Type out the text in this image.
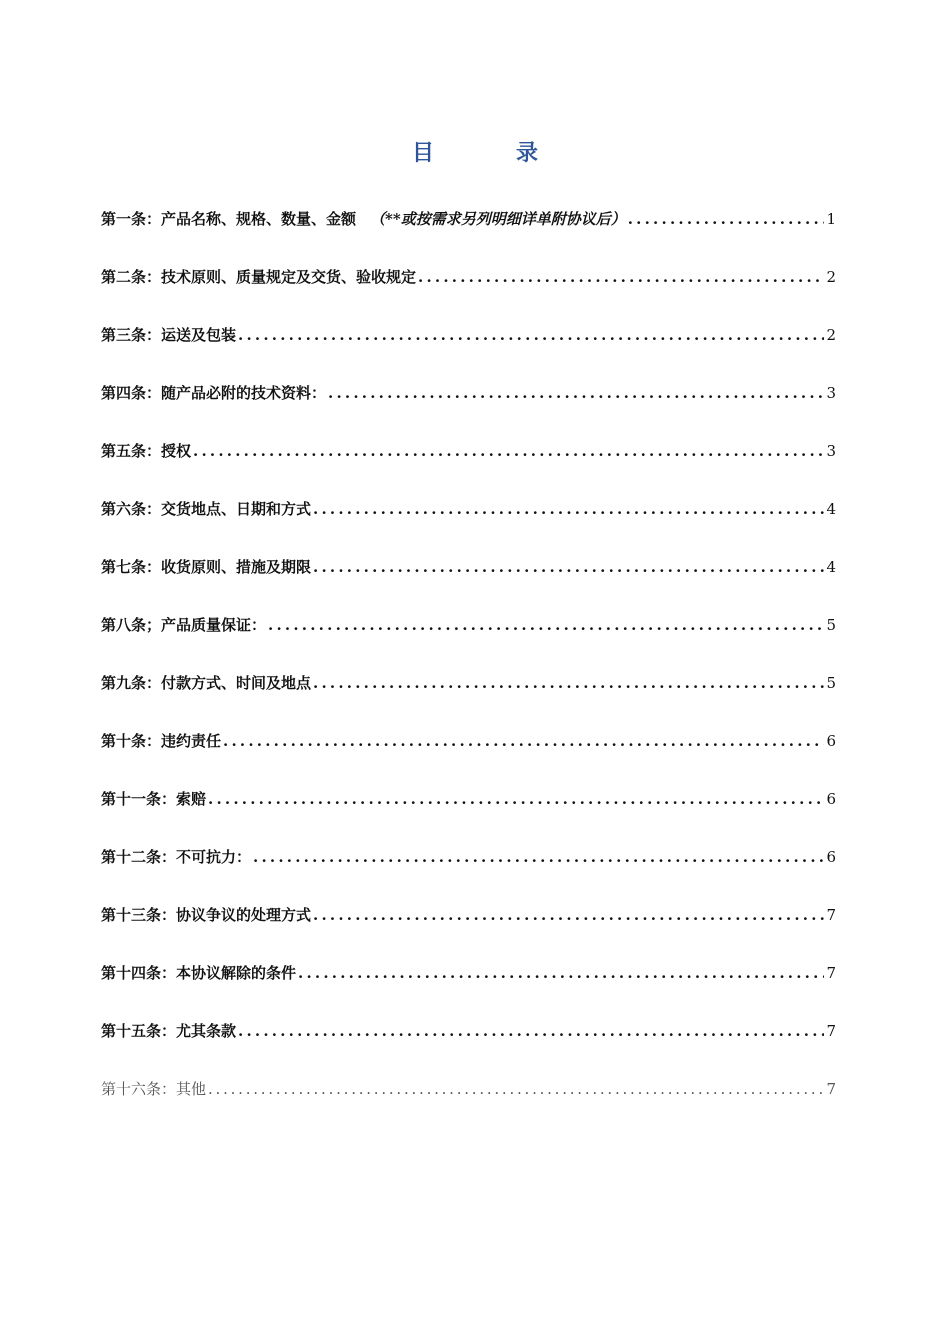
目　录
第一条：产品名称、规格、数量、金额 （**或按需求另列明细详单附协议后） . . .	1
第二条：技术原则、质量规定及交货、验收规定 . . .	2
第三条：运送及包装 . . .	2
第四条：随产品必附的技术资料： . . .	3
第五条：授权 . . .	3
第六条：交货地点、日期和方式 . . .	4
第七条：收货原则、措施及期限 . . .	4
第八条；产品质量保证： . . .	5
第九条：付款方式、时间及地点 . . .	5
第十条：违约责任 . . .	6
第十一条：索赔 . . .	6
第十二条：不可抗力： . . .	6
第十三条：协议争议的处理方式 . . .	7
第十四条：本协议解除的条件 . . .	7
第十五条：尤其条款 . . .	7
第十六条：其他 . . .	7
